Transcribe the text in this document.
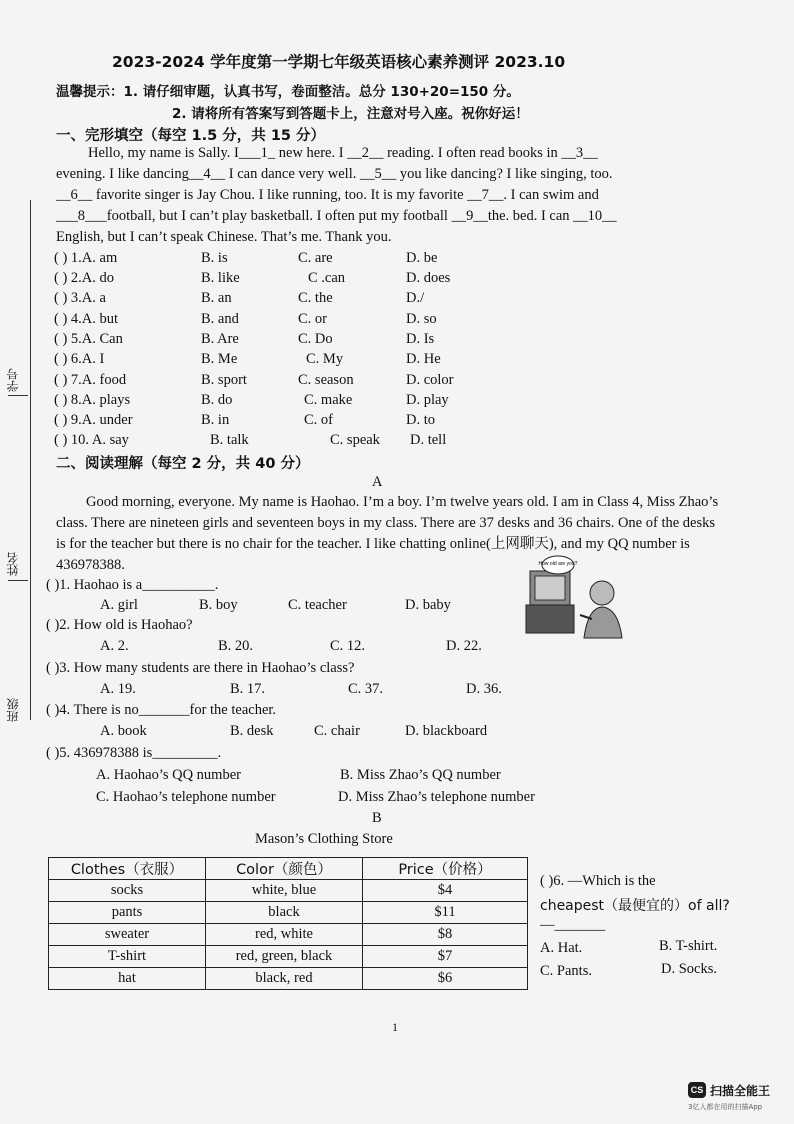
学号
姓名
班级
2023-2024 学年度第一学期七年级英语核心素养测评 2023.10
温馨提示：1. 请仔细审题，认真书写，卷面整洁。总分 130+20=150 分。
2. 请将所有答案写到答题卡上，注意对号入座。祝你好运！
一、完形填空（每空 1.5 分，共 15 分）
Hello, my name is Sally. I___1_ new here. I __2__ reading. I often read books in __3__
evening. I like dancing__4__ I can dance very well. __5__ you like dancing? I like singing, too.
__6__ favorite singer is Jay Chou. I like running, too. It is my favorite __7__. I can swim and
___8___football, but I can’t play basketball. I often put my football __9__the. bed. I can __10__
English, but I can’t speak Chinese. That’s me. Thank you.
( ) 1.A. am	B. is	C. are	D. be
( ) 2.A. do	B. like	C .can	D. does
( ) 3.A. a	B. an	C. the	D./
( ) 4.A. but	B. and	C. or	D. so
( ) 5.A. Can	B. Are	C. Do	D. Is
( ) 6.A. I	B. Me	C. My	D. He
( ) 7.A. food	B. sport	C. season	D. color
( ) 8.A. plays	B. do	C. make	D. play
( ) 9.A. under	B. in	C. of	D. to
( ) 10. A. say	B. talk	C. speak D. tell
二、阅读理解（每空 2 分，共 40 分）
A
Good morning, everyone. My name is Haohao. I’m a boy. I’m twelve years old. I am in Class 4, Miss Zhao’s class. There are nineteen girls and seventeen boys in my class. There are 37 desks and 36 chairs. One of the desks is for the teacher but there is no chair for the teacher. I like chatting online(上网聊天), and my QQ number is 436978388.	How old are you?
( )1. Haohao is a__________.
A. girl	B. boy	C. teacher	D. baby
( )2. How old is Haohao?
A. 2.	B. 20.	C. 12.	D. 22.
( )3. How many students are there in Haohao’s class?
A. 19.	B. 17.	C. 37.	D. 36.
( )4. There is no_______for the teacher.
A. book	B. desk	C. chair	D. blackboard
( )5. 436978388 is_________.
A. Haohao’s QQ number	B. Miss Zhao’s QQ number
C. Haohao’s telephone number	D. Miss Zhao’s telephone number
B
Mason’s Clothing Store
Clothes（衣服）	Color（颜色）	Price（价格）
socks	white, blue	$4
pants	black	$11
sweater	red, white	$8
T-shirt	red, green, black	$7
hat	black, red	$6
( )6. —Which is the
cheapest（最便宜的）of all?
—_______
A. Hat.	B. T-shirt.
C. Pants.	D. Socks.
1
CS 扫描全能王
3亿人都在用的扫描App
